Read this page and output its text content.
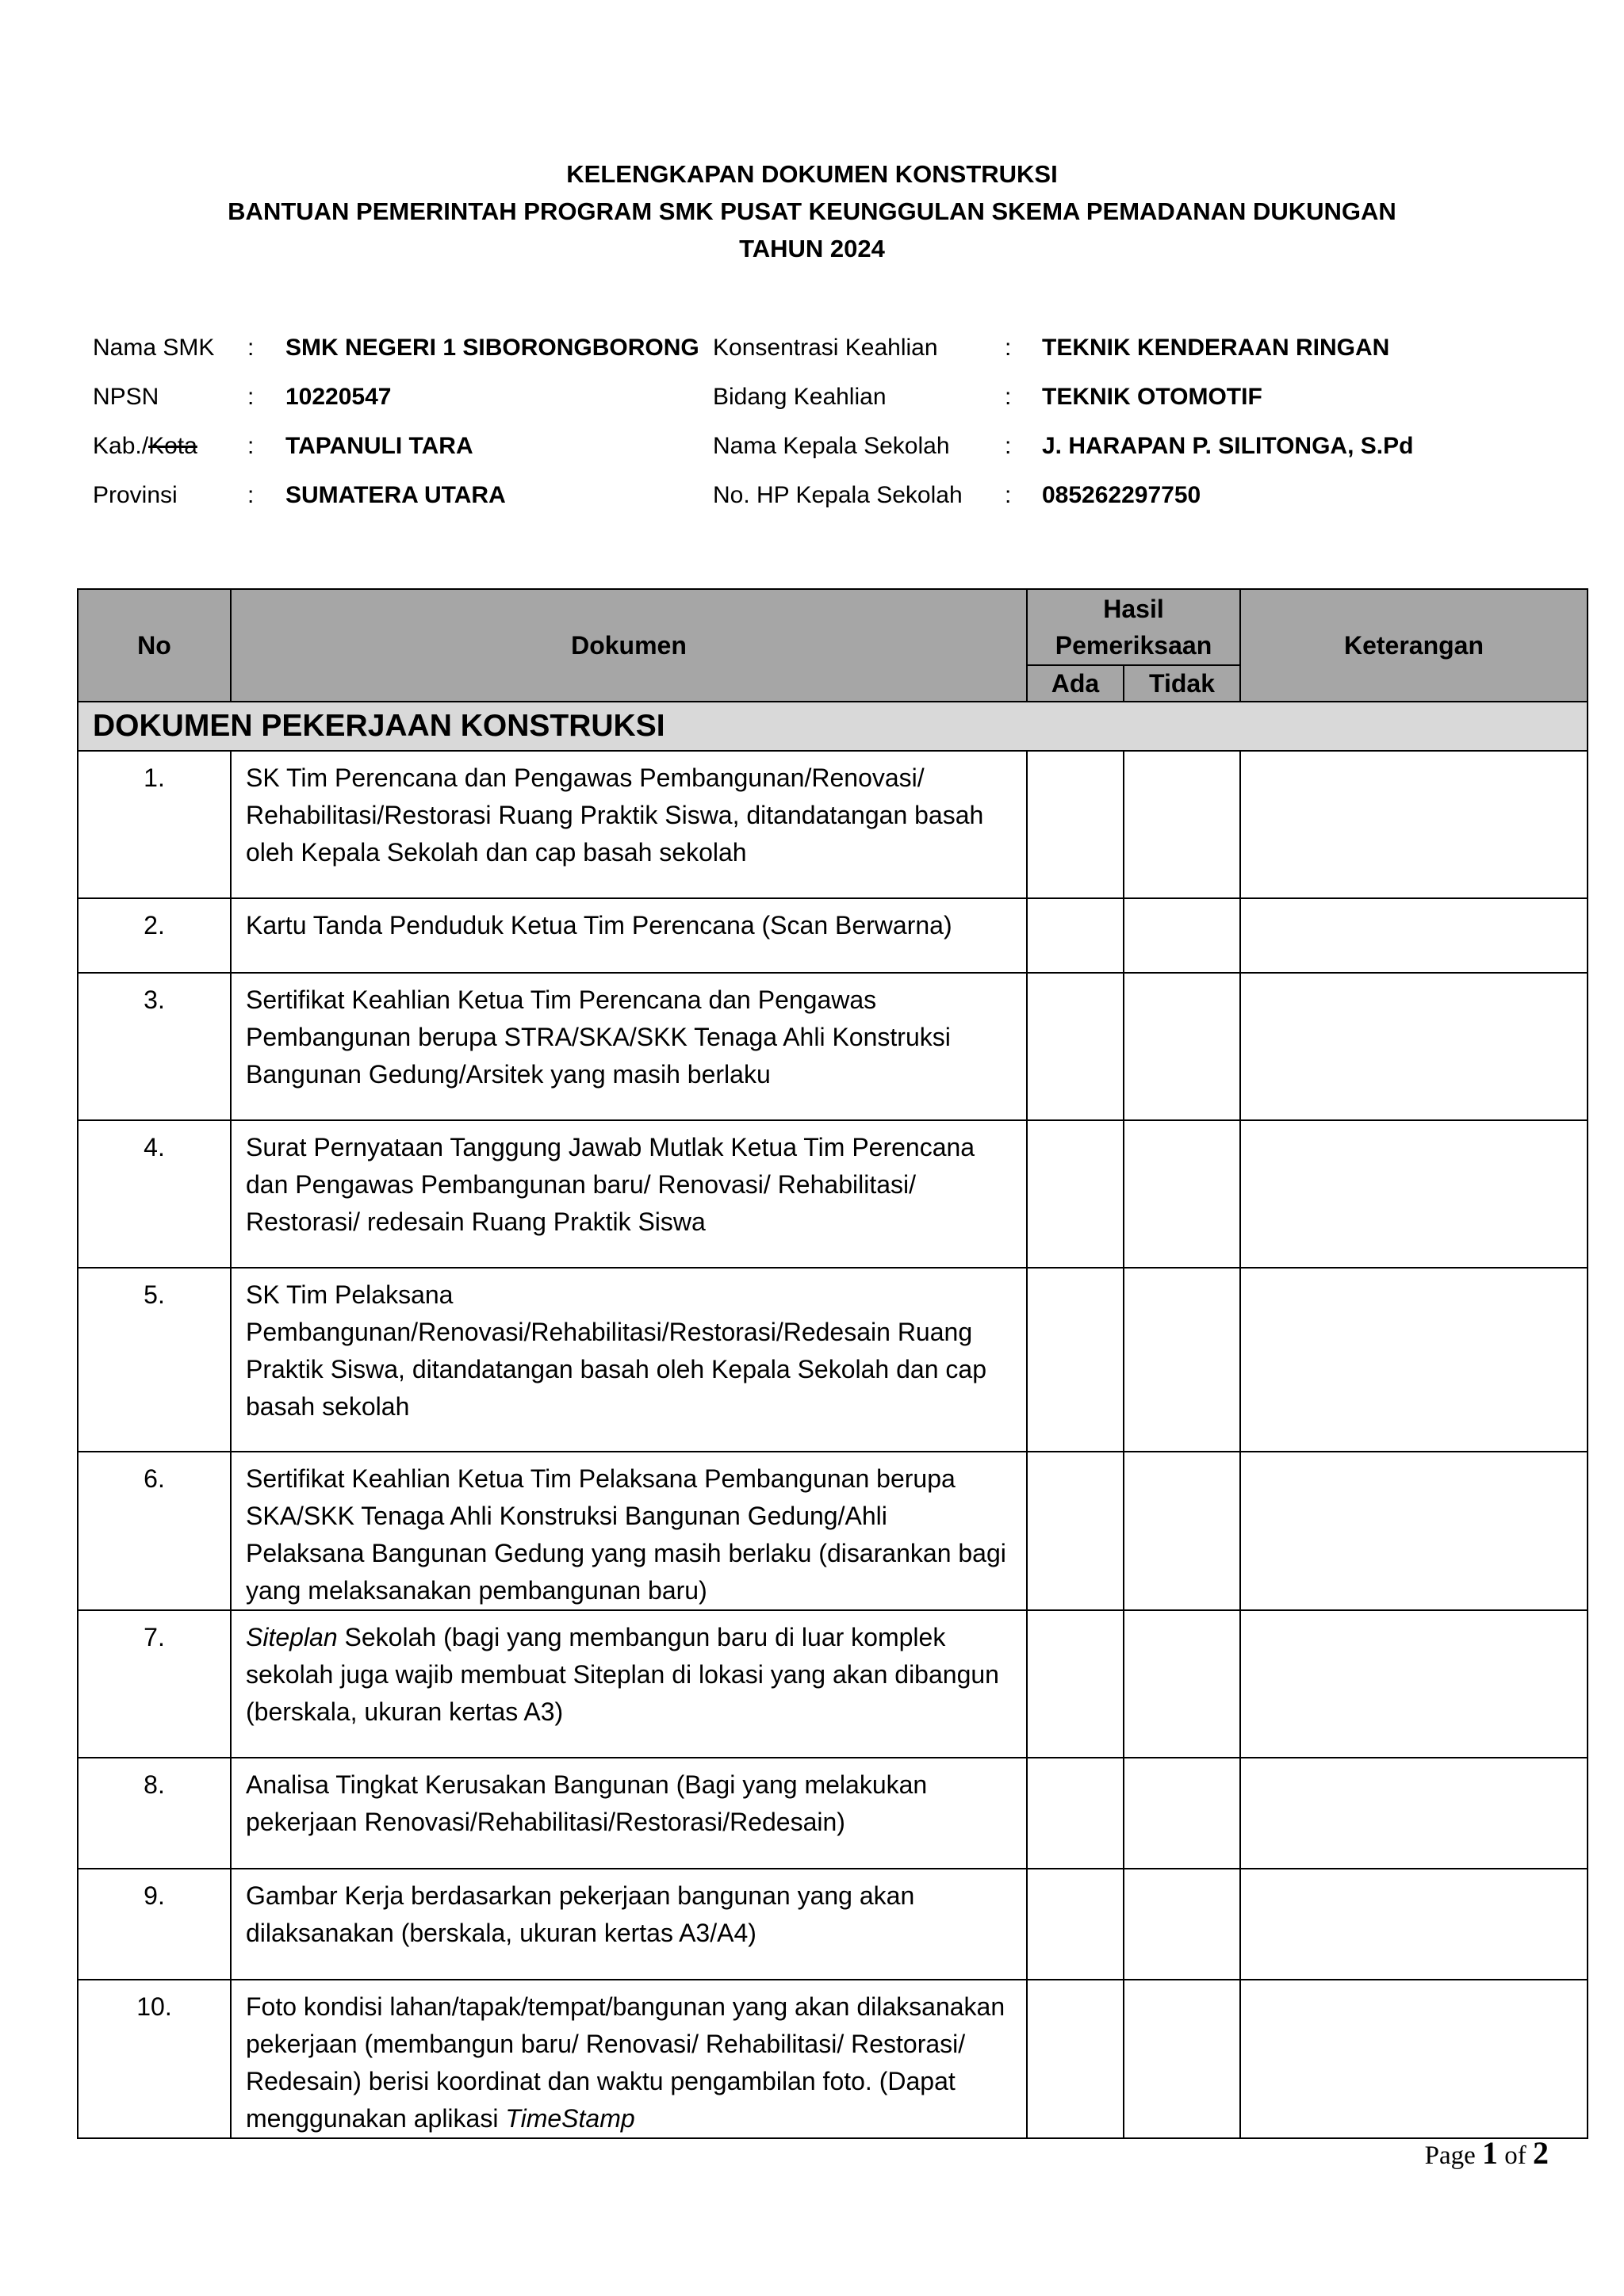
KELENGKAPAN DOKUMEN KONSTRUKSI
BANTUAN PEMERINTAH PROGRAM SMK PUSAT KEUNGGULAN SKEMA PEMADANAN DUKUNGAN
TAHUN 2024
Nama SMK : SMK NEGERI 1 SIBORONGBORONG Konsentrasi Keahlian	: TEKNIK KENDERAAN RINGAN
NPSN	: 10220547	Bidang Keahlian	: TEKNIK OTOMOTIF
Kab./Kota : TAPANULI TARA	Nama Kepala Sekolah : J. HARAPAN P. SILITONGA, S.Pd
Provinsi	: SUMATERA UTARA	No. HP Kepala Sekolah : 085262297750
No	Dokumen	Hasil Pemeriksaan		Keterangan
		Ada	Tidak	
DOKUMEN PEKERJAAN KONSTRUKSI				
1.	SK Tim Perencana dan Pengawas Pembangunan/Renovasi/ Rehabilitasi/Restorasi Ruang Praktik Siswa, ditandatangan basah oleh Kepala Sekolah dan cap basah sekolah			
2.	Kartu Tanda Penduduk Ketua Tim Perencana (Scan Berwarna)			
3.	Sertifikat Keahlian Ketua Tim Perencana dan Pengawas Pembangunan berupa STRA/SKA/SKK Tenaga Ahli Konstruksi Bangunan Gedung/Arsitek yang masih berlaku			
4.	Surat Pernyataan Tanggung Jawab Mutlak Ketua Tim Perencana dan Pengawas Pembangunan baru/ Renovasi/ Rehabilitasi/ Restorasi/ redesain Ruang Praktik Siswa			
5.	SK Tim Pelaksana Pembangunan/Renovasi/Rehabilitasi/Restorasi/Redesain Ruang Praktik Siswa, ditandatangan basah oleh Kepala Sekolah dan cap basah sekolah			
6.	Sertifikat Keahlian Ketua Tim Pelaksana Pembangunan berupa SKA/SKK Tenaga Ahli Konstruksi Bangunan Gedung/Ahli Pelaksana Bangunan Gedung yang masih berlaku (disarankan bagi yang melaksanakan pembangunan baru)			
7.	Siteplan Sekolah (bagi yang membangun baru di luar komplek sekolah juga wajib membuat Siteplan di lokasi yang akan dibangun (berskala, ukuran kertas A3)			
8.	Analisa Tingkat Kerusakan Bangunan (Bagi yang melakukan pekerjaan Renovasi/Rehabilitasi/Restorasi/Redesain)			
9.	Gambar Kerja berdasarkan pekerjaan bangunan yang akan dilaksanakan (berskala, ukuran kertas A3/A4)			
10.	Foto kondisi lahan/tapak/tempat/bangunan yang akan dilaksanakan pekerjaan (membangun baru/ Renovasi/ Rehabilitasi/ Restorasi/ Redesain) berisi koordinat dan waktu pengambilan foto. (Dapat menggunakan aplikasi TimeStamp			
Page 1 of 2
